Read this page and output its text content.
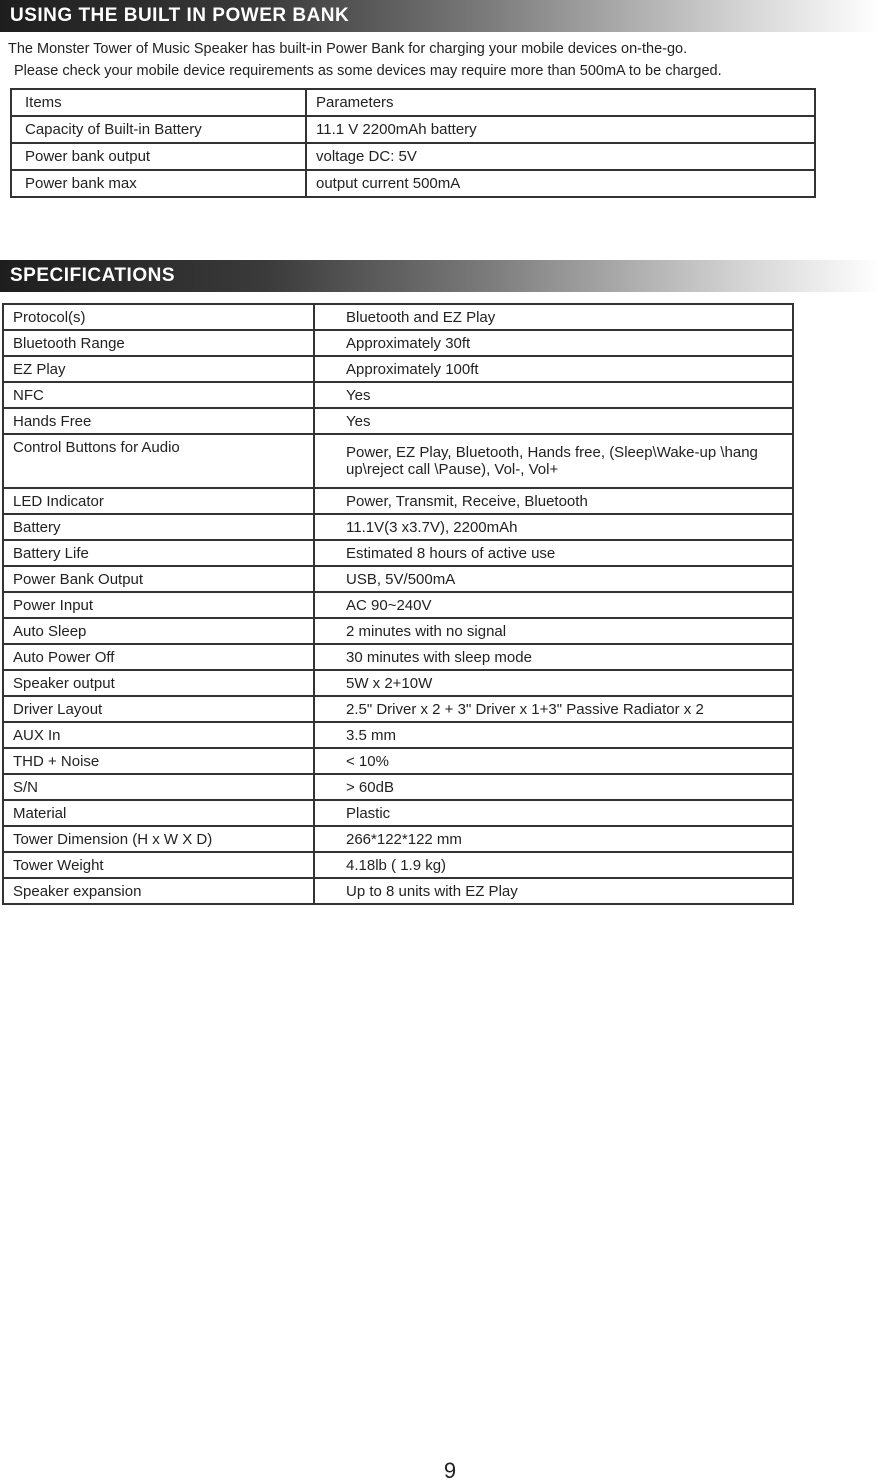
USING THE BUILT IN POWER BANK
The Monster Tower of Music Speaker has built-in Power Bank for charging your mobile devices on-the-go.
Please check your mobile device requirements as some devices may require more than 500mA to be charged.
Items	Parameters
Capacity of Built-in Battery	11.1 V 2200mAh battery
Power bank output	voltage DC: 5V
Power bank max	output current 500mA
SPECIFICATIONS
Protocol(s)	Bluetooth and EZ Play
Bluetooth Range	Approximately 30ft
EZ Play	Approximately 100ft
NFC	Yes
Hands Free	Yes
Control Buttons for Audio	Power, EZ Play, Bluetooth, Hands free, (Sleep\Wake-up \hang up\reject call \Pause), Vol-, Vol+
LED Indicator	Power, Transmit, Receive, Bluetooth
Battery	11.1V(3 x3.7V), 2200mAh
Battery Life	Estimated 8 hours of active use
Power Bank Output	USB, 5V/500mA
Power Input	AC 90~240V
Auto Sleep	2 minutes with no signal
Auto Power Off	30 minutes with sleep mode
Speaker output	5W x 2+10W
Driver Layout	2.5" Driver x 2 + 3" Driver x 1+3" Passive Radiator x 2
AUX In	3.5 mm
THD + Noise	< 10%
S/N	> 60dB
Material	Plastic
Tower Dimension (H x W X D)	266*122*122 mm
Tower Weight	4.18lb ( 1.9 kg)
Speaker expansion	Up to 8 units with EZ Play
9
